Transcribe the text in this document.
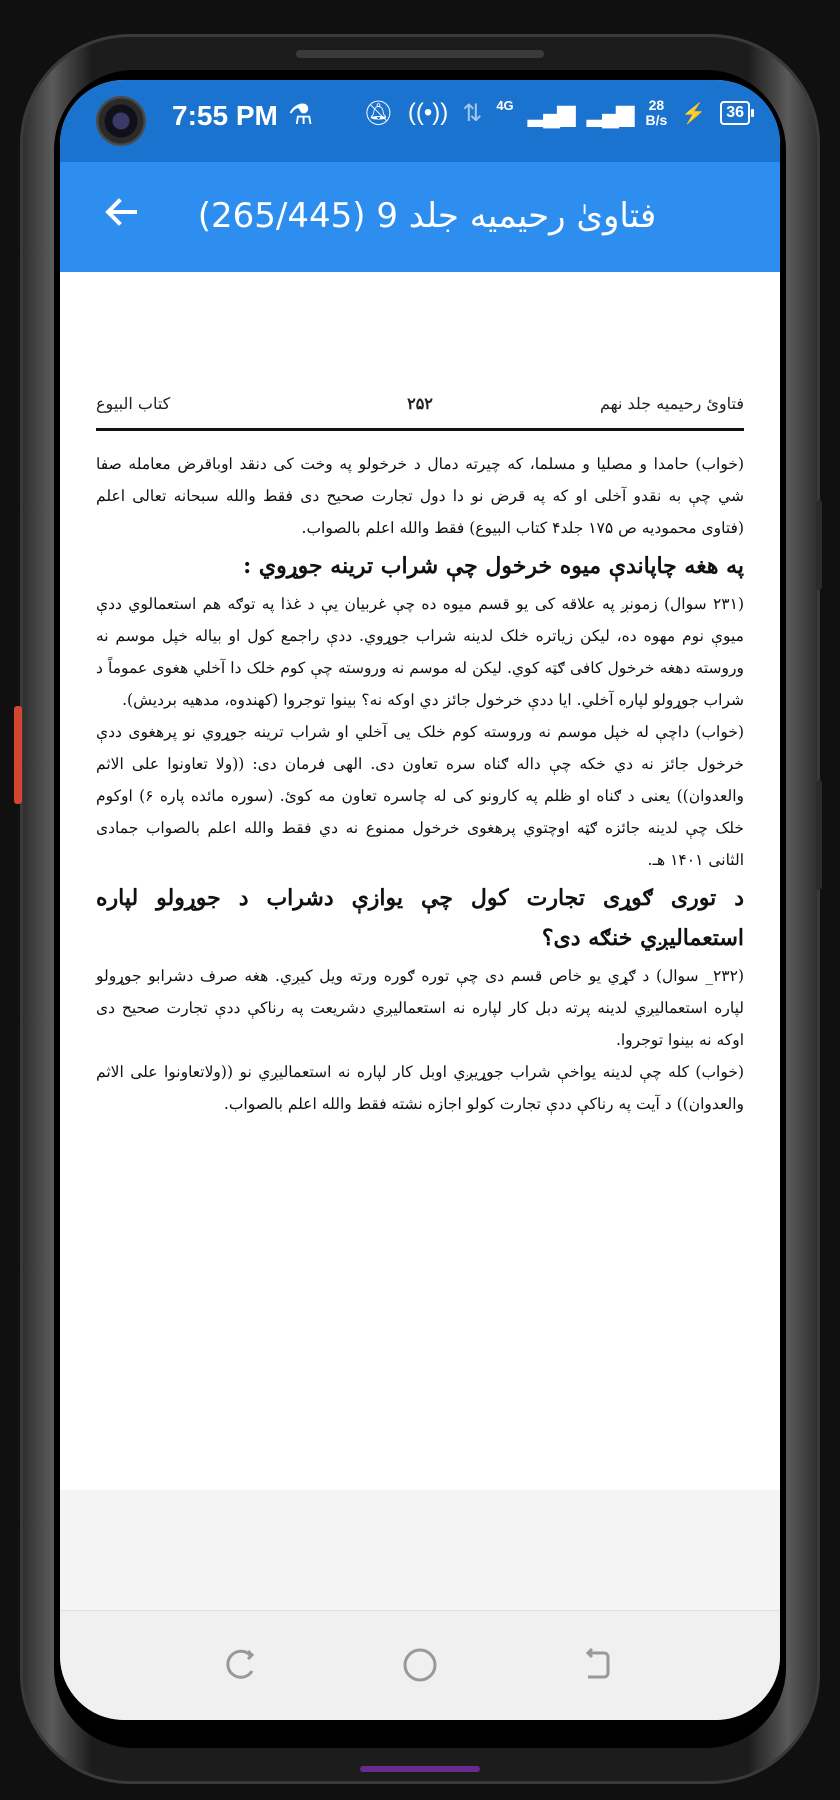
7:55 PM ⚗ 🔕︎ ((•)) ⇅ 4G ▂▄▆ ▂▄▆ 28
B/s ⚡	36
فتاویٰ رحیمیه جلد 9 (265/445)
فتاوئ رحیمیه جلد نهم
۲۵۲
کتاب البیوع

(خواب) حامدا و مصلیا و مسلما، که چیرته دمال د خرخولو په وخت کی دنقد اوباقرض معامله صفا شي چې به نقدو آخلی او که په قرض نو دا دول تجارت صحیح دی فقط والله سبحانه تعالی اعلم (فتاوی محمودیه ص ۱۷۵ جلد۴ کتاب البیوع) فقط والله اعلم بالصواب.

په هغه چاپاندې میوه خرخول چې شراب ترینه جوړوي :

(۲۳۱ سوال) زمونږ په علاقه کی یو قسم میوه ده چې غربیان یې د غذا په توګه هم استعمالوي ددې میوې نوم مهوه ده، لیکن زیاتره خلک لدینه شراب جوړوي. ددې راجمع کول او بیاله خپل موسم نه وروسته دهغه خرخول کافی ګټه کوي. لیکن له موسم نه وروسته چې کوم خلک دا آخلي هغوی عموماً د شراب جوړولو لپاره آخلي. ایا ددې خرخول جائز دي اوکه نه؟ بینوا توجروا (کهندوه، مدهیه بردیش).

(خواب) داچې له خپل موسم نه وروسته کوم خلک یی آخلي او شراب ترینه جوړوي نو پرهغوی ددې خرخول جائز نه دي خکه چې داله ګناه سره تعاون دی. الهی فرمان دی: ((ولا تعاونوا علی الاثم والعدوان)) یعنی د ګناه او ظلم په کارونو کی له چاسره تعاون مه کوئ. (سوره مائده پاره ۶) اوکوم خلک چې لدینه جائزه ګټه اوچتوي پرهغوی خرخول ممنوع نه دي فقط والله اعلم بالصواب جمادی الثانی ۱۴۰۱ هـ.

د توری ګوړی تجارت کول چې یوازې دشراب د جوړولو لپاره استعمالیږي خنګه دی؟

(۲۳۲_ سوال) د ګړي یو خاص قسم دی چې توره ګوره ورته ویل کیږي. هغه صرف دشرابو جوړولو لپاره استعمالیږي لدینه پرته دبل کار لپاره نه استعمالیږي دشریعت په رناکې ددې تجارت صحیح دی اوکه نه بینوا توجروا.

(خواب) کله چې لدینه یواخې شراب جوړیږي اوبل کار لپاره نه استعمالیږي نو ((ولاتعاونوا علی الاثم والعدوان)) د آیت په رناکې ددې تجارت کولو اجازه نشته فقط والله اعلم بالصواب.
